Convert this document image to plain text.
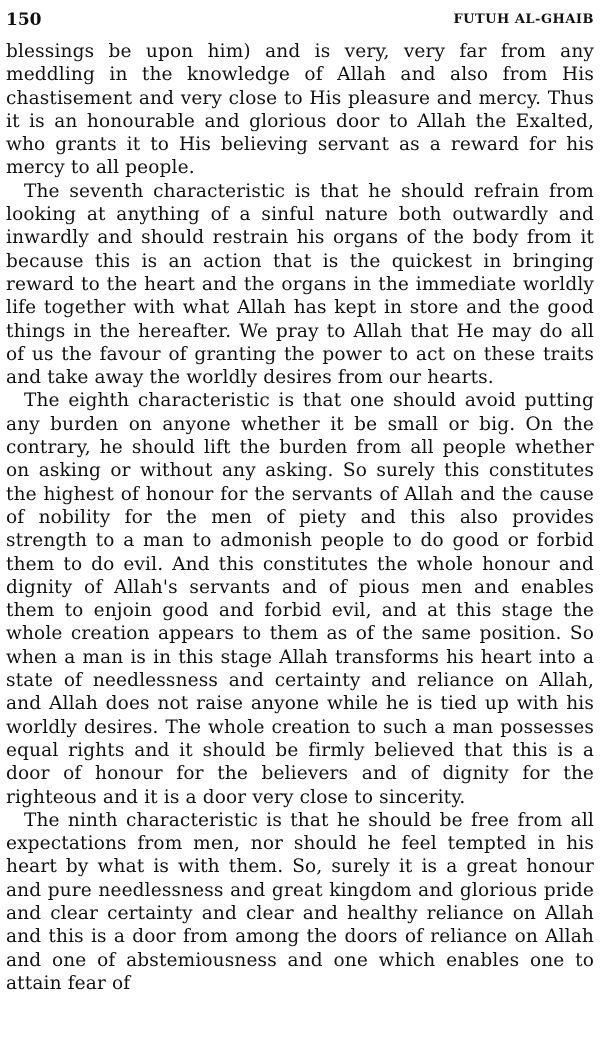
150	FUTUH AL-GHAIB

blessings be upon him) and is very, very far from any meddling in the knowledge of Allah and also from His chastisement and very close to His pleasure and mercy. Thus it is an honourable and glorious door to Allah the Exalted, who grants it to His believing servant as a reward for his mercy to all people.

The seventh characteristic is that he should refrain from looking at anything of a sinful nature both outwardly and inwardly and should restrain his organs of the body from it because this is an action that is the quickest in bringing reward to the heart and the organs in the immediate worldly life together with what Allah has kept in store and the good things in the hereafter. We pray to Allah that He may do all of us the favour of granting the power to act on these traits and take away the worldly desires from our hearts.

The eighth characteristic is that one should avoid putting any burden on anyone whether it be small or big. On the contrary, he should lift the burden from all people whether on asking or without any asking. So surely this constitutes the highest of honour for the servants of Allah and the cause of nobility for the men of piety and this also provides strength to a man to admonish people to do good or forbid them to do evil. And this constitutes the whole honour and dignity of Allah's servants and of pious men and enables them to enjoin good and forbid evil, and at this stage the whole creation appears to them as of the same position. So when a man is in this stage Allah transforms his heart into a state of needlessness and certainty and reliance on Allah, and Allah does not raise anyone while he is tied up with his worldly desires. The whole creation to such a man possesses equal rights and it should be firmly believed that this is a door of honour for the believers and of dignity for the righteous and it is a door very close to sincerity.

The ninth characteristic is that he should be free from all expectations from men, nor should he feel tempted in his heart by what is with them. So, surely it is a great honour and pure needlessness and great kingdom and glorious pride and clear certainty and clear and healthy reliance on Allah and this is a door from among the doors of reliance on Allah and one of abstemiousness and one which enables one to attain fear of
